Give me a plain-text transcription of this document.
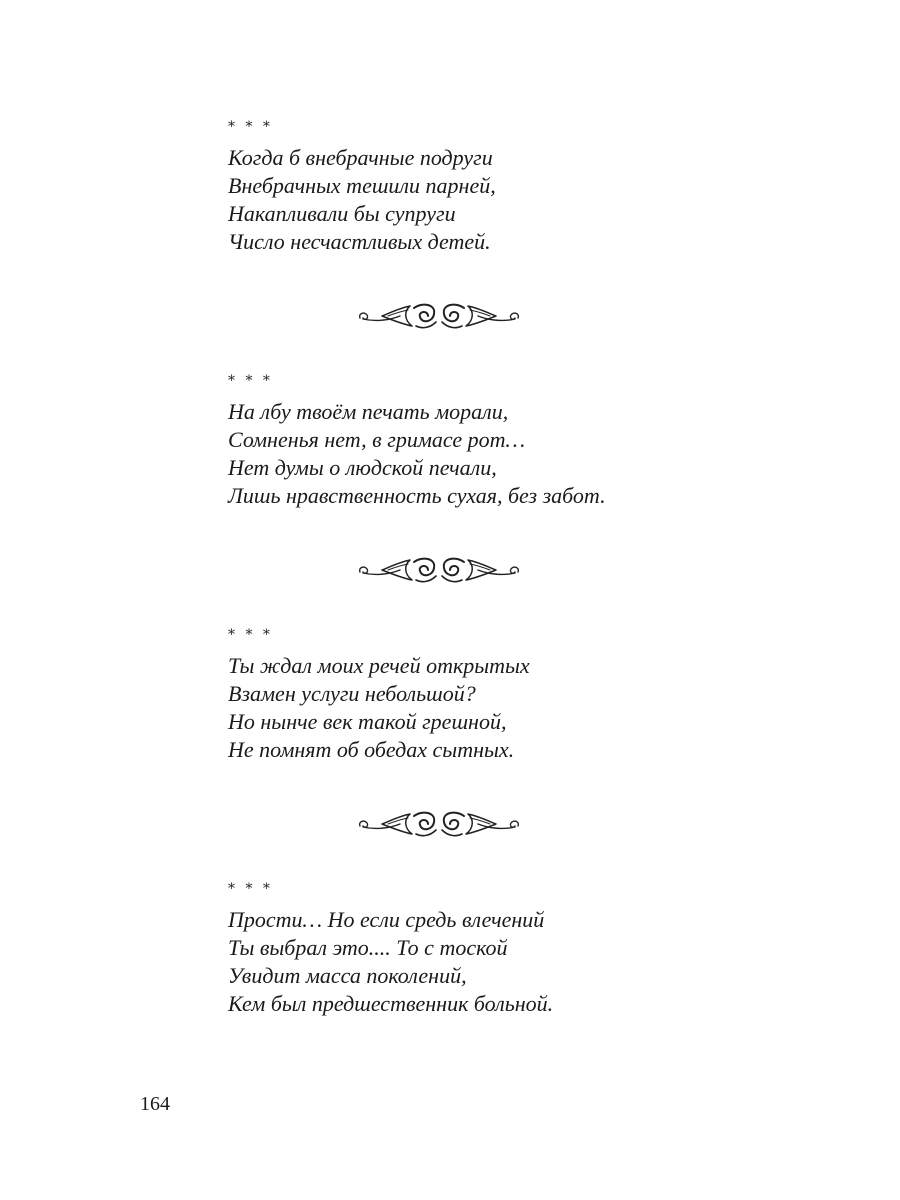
* * *
Когда б внебрачные подруги
Внебрачных тешили парней,
Накапливали бы супруги
Число несчастливых детей.
* * *
На лбу твоём печать морали,
Сомненья нет, в гримасе рот…
Нет думы о людской печали,
Лишь нравственность сухая, без забот.
* * *
Ты ждал моих речей открытых
Взамен услуги небольшой?
Но нынче век такой грешной,
Не помнят об обедах сытных.
* * *
Прости… Но если средь влечений
Ты выбрал это.... То с тоской
Увидит масса поколений,
Кем был предшественник больной.
164
